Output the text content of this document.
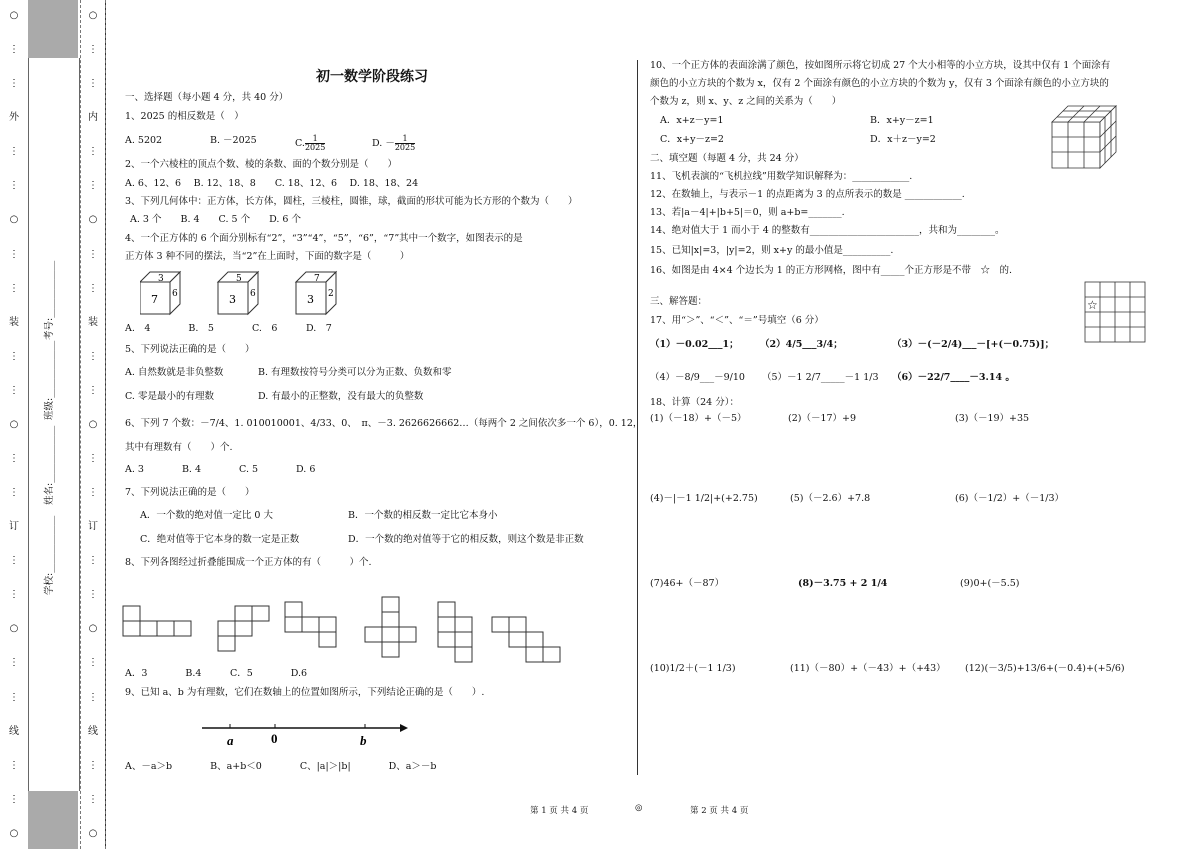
○
⋮
⋮
外
⋮
⋮
○
⋮
⋮
装
⋮
⋮
○
⋮
⋮
订
⋮
⋮
○
⋮
⋮
线
⋮
⋮
○
○
⋮
⋮
内
⋮
⋮
○
⋮
⋮
装
⋮
⋮
○
⋮
⋮
订
⋮
⋮
○
⋮
⋮
线
⋮
⋮
○
学校:____________
姓名:____________
班级:____________
考号:____________
初一数学阶段练习
一、选择题（每小题 4 分，共 40 分）
1、2025 的相反数是（　）
A. 5202	B. －2025	C. $\frac{1}{2025}$	D. － $\frac{1}{2025}$
2、一个六棱柱的顶点个数、棱的条数、面的个数分别是（　　）
A. 6、12、6　 B. 12、18、8　　C. 18、12、6　 D. 18、18、24
3、下列几何体中：正方体，长方体，圆柱，三棱柱，圆锥，球，截面的形状可能为长方形的个数为（　　）
A. 3 个　　B. 4　　C. 5 个　　D. 6 个
4、一个正方体的 6 个面分别标有“2”，“3”“4”，“5”，“6”，“7”其中一个数字，如图表示的是
正方体 3 种不同的摆法，当“2”在上面时，下面的数字是（　　　）
3
7 6
5
3 6
7
3 2
A.　4　　　　B.　5　　　　C.　6　　　D.　7
5、下列说法正确的是（　　）
A. 自然数就是非负整数	B. 有理数按符号分类可以分为正数、负数和零
C. 零是最小的有理数	D. 有最小的正整数，没有最大的负整数
6、下列 7 个数：－7/4、1. 010010001、4/33、0、　π、－3. 2626626662…（每两个 2 之间依次多一个 6），0. 12，
其中有理数有（　　）个.
A. 3　　　　B. 4　　　　C. 5　　　　D. 6
7、下列说法正确的是（　　）
A．一个数的绝对值一定比 0 大	B．一个数的相反数一定比它本身小
C．绝对值等于它本身的数一定是正数	D．一个数的绝对值等于它的相反数，则这个数是非正数
8、下列各图经过折叠能围成一个正方体的有（　　　）个.
A．3　　　　B.4　　　C．5　　　　D.6
9、已知 a、b 为有理数，它们在数轴上的位置如图所示，下列结论正确的是（　　）.
a	0	b
A、－a＞b　　　　B、a+b＜0　　　　C、|a|＞|b|　　　　D、a＞－b
10、一个正方体的表面涂满了颜色，按如图所示将它切成 27 个大小相等的小立方块，设其中仅有 1 个面涂有
颜色的小立方块的个数为 x，仅有 2 个面涂有颜色的小立方块的个数为 y，仅有 3 个面涂有颜色的小立方块的
个数为 z，则 x、y、z 之间的关系为（　　）
A．x+z－y=1	B．x+y－z=1
C．x+y－z=2	D．x＋z－y=2
二、填空题（每题 4 分，共 24 分）
11、飞机表演的“飞机拉线”用数学知识解释为：____________.
12、在数轴上，与表示－1 的点距离为 3 的点所表示的数是 ____________.
13、若|a－4|+|b+5|＝0，则 a+b=_______.
14、绝对值大于 1 而小于 4 的整数有_______________________，共和为________。
15、已知|x|=3，|y|=2，则 x+y 的最小值是__________.
16、如图是由 4×4 个边长为 1 的正方形网格，图中有_____个正方形是不带　☆　的.
☆
三、解答题：
17、用“＞”、“＜”、“＝”号填空（6 分）
（1）－0.02___1； （2）4/5___3/4；	（3）－(－2/4)___－[+(－0.75)]；
（4）－8/9___－9/10 （5）－1 2/7_____－1 1/3 （6）－22/7____－3.14 。
18、计算（24 分）：
(1)（－18）+（－5）	(2)（－17）+9	(3)（－19）+35
(4)－|－1 1/2|+(+2.75)	(5)（－2.6）+7.8	(6)（－1/2）+（－1/3）
(7)46+（－87）	(8)－3.75 + 2 1/4	(9)0+(－5.5)
(10)1/2＋(－1 1/3)	(11)（－80）+（－43）+（+43） (12)(－3/5)+13/6+(－0.4)+(+5/6)
第 1 页 共 4 页	◎	第 2 页 共 4 页
